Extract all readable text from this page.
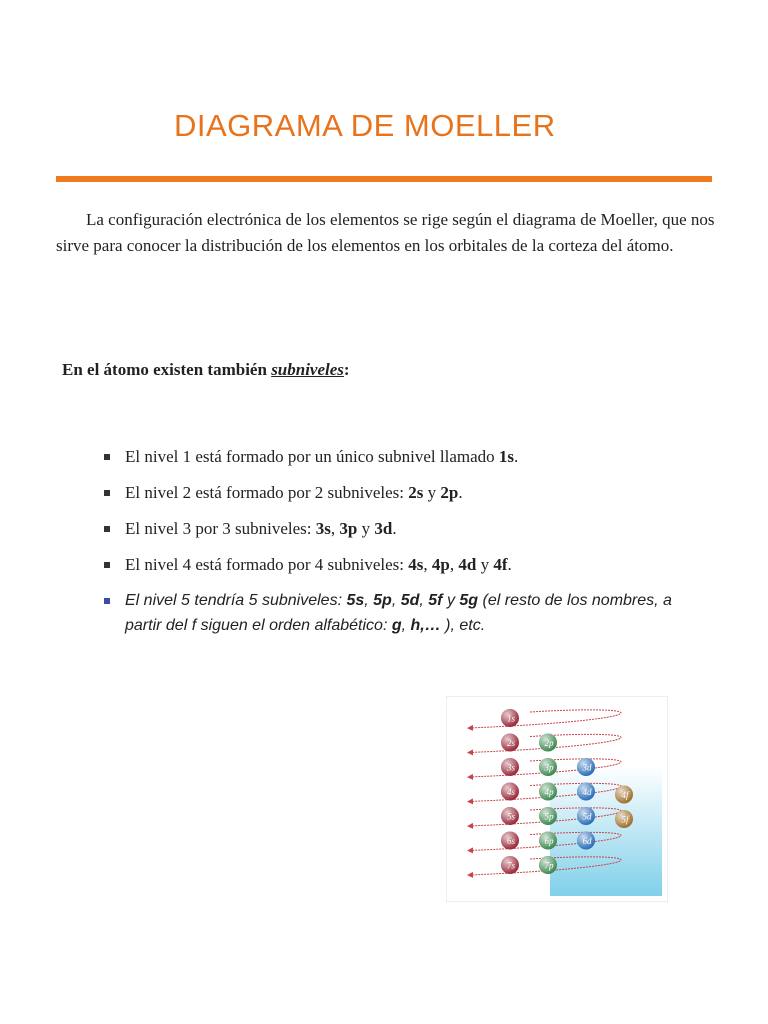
DIAGRAMA DE MOELLER

La configuración electrónica de los elementos se rige según el diagrama de Moeller, que nos sirve para conocer la distribución de los elementos en los orbitales de la corteza del átomo.

En el átomo existen también subniveles:

El nivel 1 está formado por un único subnivel llamado 1s.
El nivel 2 está formado por 2 subniveles: 2s y 2p.
El nivel 3 por 3 subniveles: 3s, 3p y 3d.
El nivel 4 está formado por 4 subniveles: 4s, 4p, 4d y 4f.
El nivel 5 tendría 5 subniveles: 5s, 5p, 5d, 5f y 5g (el resto de los nombres, a partir del f siguen el orden alfabético: g, h,… ), etc.
1s
2s	2p
3s	3p	3d
4s	4p	4d	4f
5s	5p	5d	5f
6s	6p	6d
7s	7p
